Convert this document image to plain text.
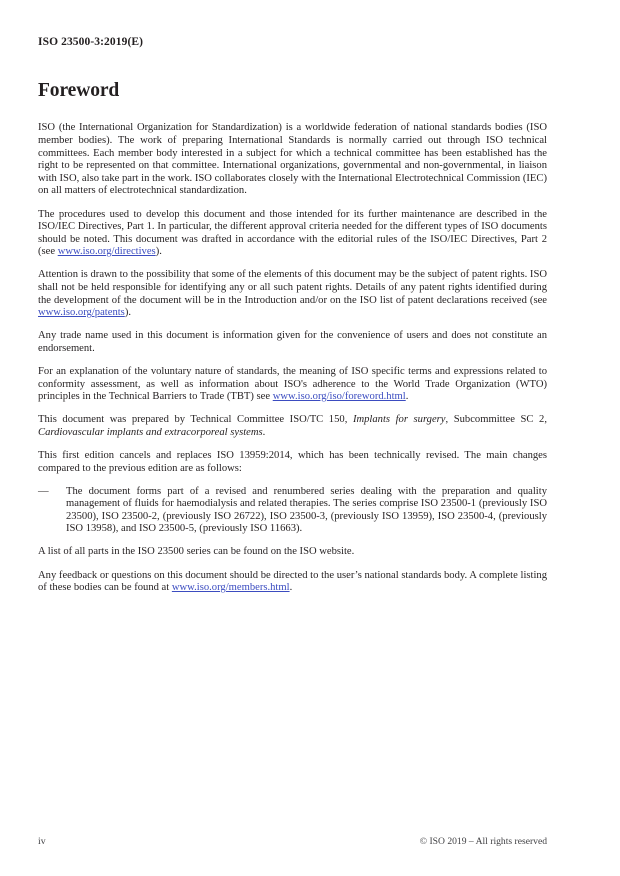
ISO 23500-3:2019(E)
Foreword

ISO (the International Organization for Standardization) is a worldwide federation of national standards bodies (ISO member bodies). The work of preparing International Standards is normally carried out through ISO technical committees. Each member body interested in a subject for which a technical committee has been established has the right to be represented on that committee. International organizations, governmental and non-governmental, in liaison with ISO, also take part in the work. ISO collaborates closely with the International Electrotechnical Commission (IEC) on all matters of electrotechnical standardization.

The procedures used to develop this document and those intended for its further maintenance are described in the ISO/IEC Directives, Part 1. In particular, the different approval criteria needed for the different types of ISO documents should be noted. This document was drafted in accordance with the editorial rules of the ISO/IEC Directives, Part 2 (see www.iso.org/directives).

Attention is drawn to the possibility that some of the elements of this document may be the subject of patent rights. ISO shall not be held responsible for identifying any or all such patent rights. Details of any patent rights identified during the development of the document will be in the Introduction and/or on the ISO list of patent declarations received (see www.iso.org/patents).

Any trade name used in this document is information given for the convenience of users and does not constitute an endorsement.

For an explanation of the voluntary nature of standards, the meaning of ISO specific terms and expressions related to conformity assessment, as well as information about ISO's adherence to the World Trade Organization (WTO) principles in the Technical Barriers to Trade (TBT) see www.iso.org/iso/foreword.html.

This document was prepared by Technical Committee ISO/TC 150, Implants for surgery, Subcommittee SC 2, Cardiovascular implants and extracorporeal systems.

This first edition cancels and replaces ISO 13959:2014, which has been technically revised. The main changes compared to the previous edition are as follows:

—	The document forms part of a revised and renumbered series dealing with the preparation and quality management of fluids for haemodialysis and related therapies. The series comprise ISO 23500-1 (previously ISO 23500), ISO 23500-2, (previously ISO 26722), ISO 23500-3, (previously ISO 13959), ISO 23500-4, (previously ISO 13958), and ISO 23500-5, (previously ISO 11663).

A list of all parts in the ISO 23500 series can be found on the ISO website.

Any feedback or questions on this document should be directed to the user’s national standards body. A complete listing of these bodies can be found at www.iso.org/members.html.

iv	© ISO 2019 – All rights reserved
